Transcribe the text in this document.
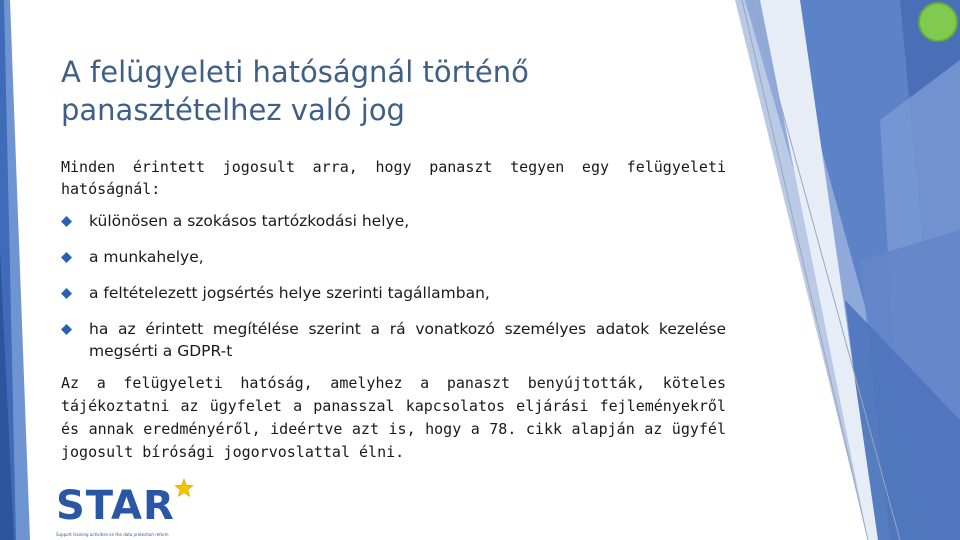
A felügyeleti hatóságnál történő panasztételhez való jog

Minden érintett jogosult arra, hogy panaszt tegyen egy felügyeleti hatóságnál:

különösen a szokásos tartózkodási helye,
a munkahelye,
a feltételezett jogsértés helye szerinti tagállamban,
ha az érintett megítélése szerint a rá vonatkozó személyes adatok kezelése megsérti a GDPR-t

Az a felügyeleti hatóság, amelyhez a panaszt benyújtották, köteles tájékoztatni az ügyfelet a panasszal kapcsolatos eljárási fejleményekről és annak eredményéről, ideértve azt is, hogy a 78. cikk alapján az ügyfél jogosult bírósági jogorvoslattal élni.

STAR
Support training activities on the data protection reform
